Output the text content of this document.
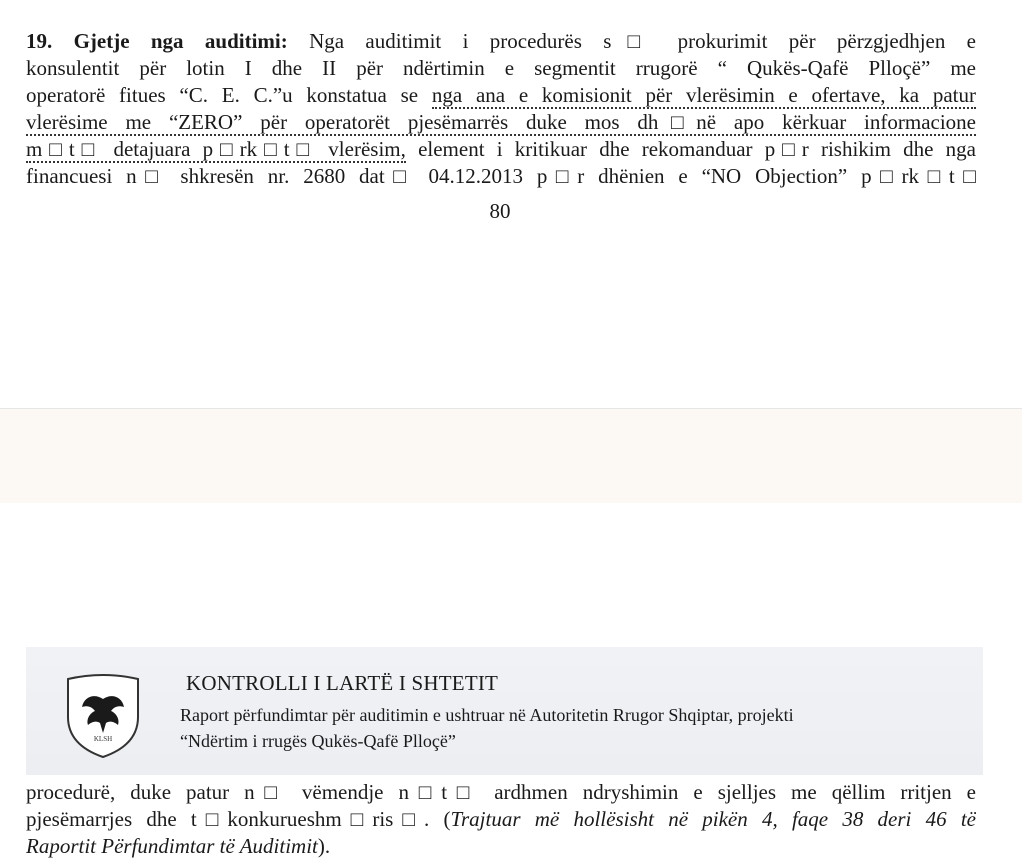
19. Gjetje nga auditimi: Nga auditimit i procedurës s□ prokurimit për përzgjedhjen e
konsulentit për lotin I dhe II për ndërtimin e segmentit rrugorë “ Qukës-Qafë Plloçë” me
operatorë fitues “C. E. C.”u konstatua se nga ana e komisionit për vlerësimin e ofertave, ka patur
vlerësime me “ZERO” për operatorët pjesëmarrës duke mos dh□në apo kërkuar informacione
m□t□ detajuara p□rk□t□ vlerësim, element i kritikuar dhe rekomanduar p□r rishikim dhe nga
financuesi n□ shkresën nr. 2680 dat□ 04.12.2013 p□r dhënien e “NO Objection” p□rk□t□
80
KLSH
KONTROLLI I LARTË I SHTETIT
Raport përfundimtar për auditimin e ushtruar në Autoritetin Rrugor Shqiptar, projekti
“Ndërtim i rrugës Qukës-Qafë Plloçë”
procedurë, duke patur n□ vëmendje n□t□ ardhmen ndryshimin e sjelljes me qëllim rritjen e
pjesëmarrjes dhe t□konkurueshm□ris□. (Trajtuar më hollësisht në pikën 4, faqe 38 deri 46 të
Raportit Përfundimtar të Auditimit).
